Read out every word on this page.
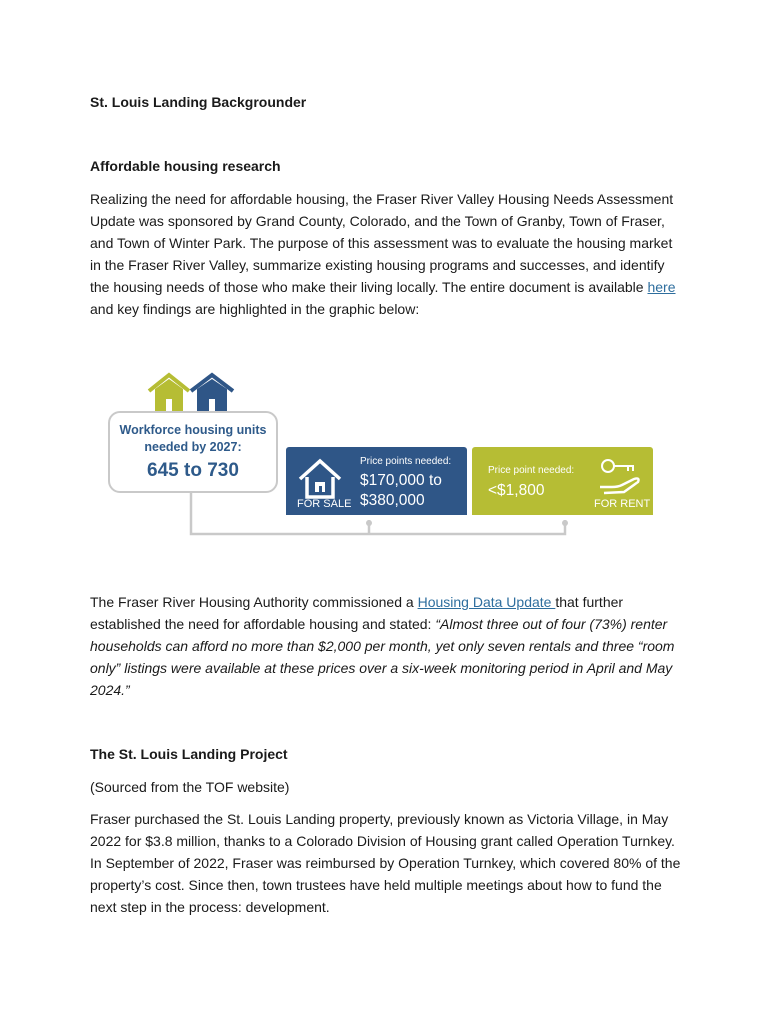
St. Louis Landing Backgrounder

Affordable housing research

Realizing the need for affordable housing, the Fraser River Valley Housing Needs Assessment Update was sponsored by Grand County, Colorado, and the Town of Granby, Town of Fraser, and Town of Winter Park. The purpose of this assessment was to evaluate the housing market in the Fraser River Valley, summarize existing housing programs and successes, and identify the housing needs of those who make their living locally. The entire document is available here and key findings are highlighted in the graphic below:

The Fraser River Housing Authority commissioned a Housing Data Update that further established the need for affordable housing and stated: “Almost three out of four (73%) renter households can afford no more than $2,000 per month, yet only seven rentals and three “room only” listings were available at these prices over a six-week monitoring period in April and May 2024.”

The St. Louis Landing Project

(Sourced from the TOF website)

Fraser purchased the St. Louis Landing property, previously known as Victoria Village, in May 2022 for $3.8 million, thanks to a Colorado Division of Housing grant called Operation Turnkey. In September of 2022, Fraser was reimbursed by Operation Turnkey, which covered 80% of the property’s cost. Since then, town trustees have held multiple meetings about how to fund the next step in the process: development.

Workforce housing units needed by 2027:
645 to 730	Price points needed:
$170,000 to
$380,000
FOR SALE
Price point needed:
<$1,800
FOR RENT
